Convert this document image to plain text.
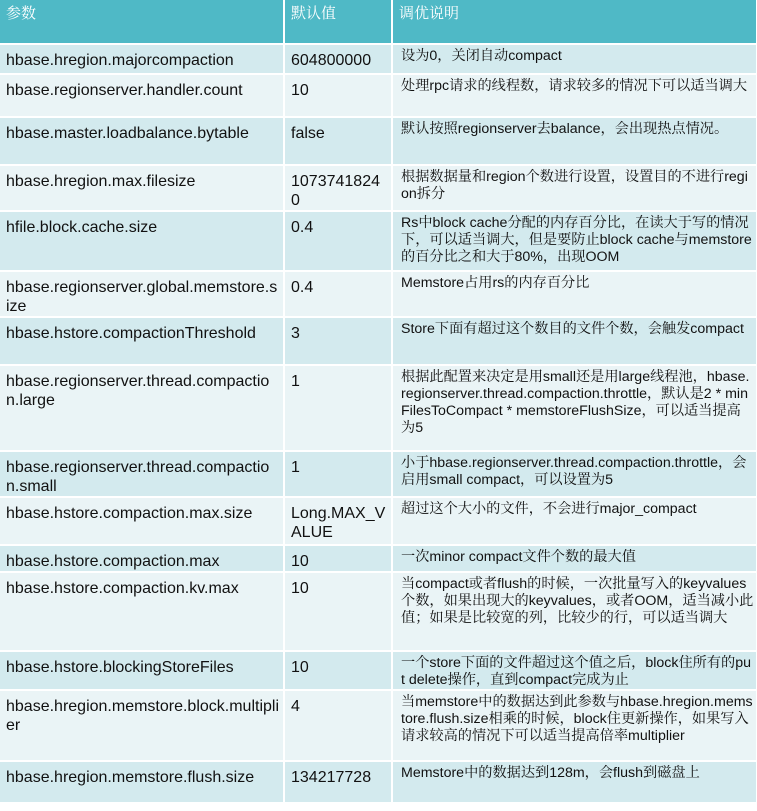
参数	默认值	调优说明
hbase.hregion.majorcompaction	604800000	设为0，关闭自动compact
hbase.regionserver.handler.count	10	处理rpc请求的线程数，请求较多的情况下可以适当调大
hbase.master.loadbalance.bytable	false	默认按照regionserver去balance，会出现热点情况。
hbase.hregion.max.filesize	10737418240	根据数据量和region个数进行设置，设置目的不进行region拆分
hfile.block.cache.size	0.4	Rs中block cache分配的内存百分比，在读大于写的情况下，可以适当调大，但是要防止block cache与memstore的百分比之和大于80%，出现OOM
hbase.regionserver.global.memstore.size	0.4	Memstore占用rs的内存百分比
hbase.hstore.compactionThreshold	3	Store下面有超过这个数目的文件个数，会触发compact
hbase.regionserver.thread.compaction.large	1	根据此配置来决定是用small还是用large线程池，hbase.regionserver.thread.compaction.throttle，默认是2 * minFilesToCompact * memstoreFlushSize，可以适当提高为5
hbase.regionserver.thread.compaction.small	1	小于hbase.regionserver.thread.compaction.throttle，会启用small compact，可以设置为5
hbase.hstore.compaction.max.size	Long.MAX_VALUE	超过这个大小的文件，不会进行major_compact
hbase.hstore.compaction.max	10	一次minor compact文件个数的最大值
hbase.hstore.compaction.kv.max	10	当compact或者flush的时候，一次批量写入的keyvalues个数，如果出现大的keyvalues，或者OOM，适当减小此值；如果是比较宽的列，比较少的行，可以适当调大
hbase.hstore.blockingStoreFiles	10	一个store下面的文件超过这个值之后，block住所有的put delete操作，直到compact完成为止
hbase.hregion.memstore.block.multiplier	4	当memstore中的数据达到此参数与hbase.hregion.memstore.flush.size相乘的时候，block住更新操作，如果写入请求较高的情况下可以适当提高倍率multiplier
hbase.hregion.memstore.flush.size	134217728	Memstore中的数据达到128m，会flush到磁盘上
